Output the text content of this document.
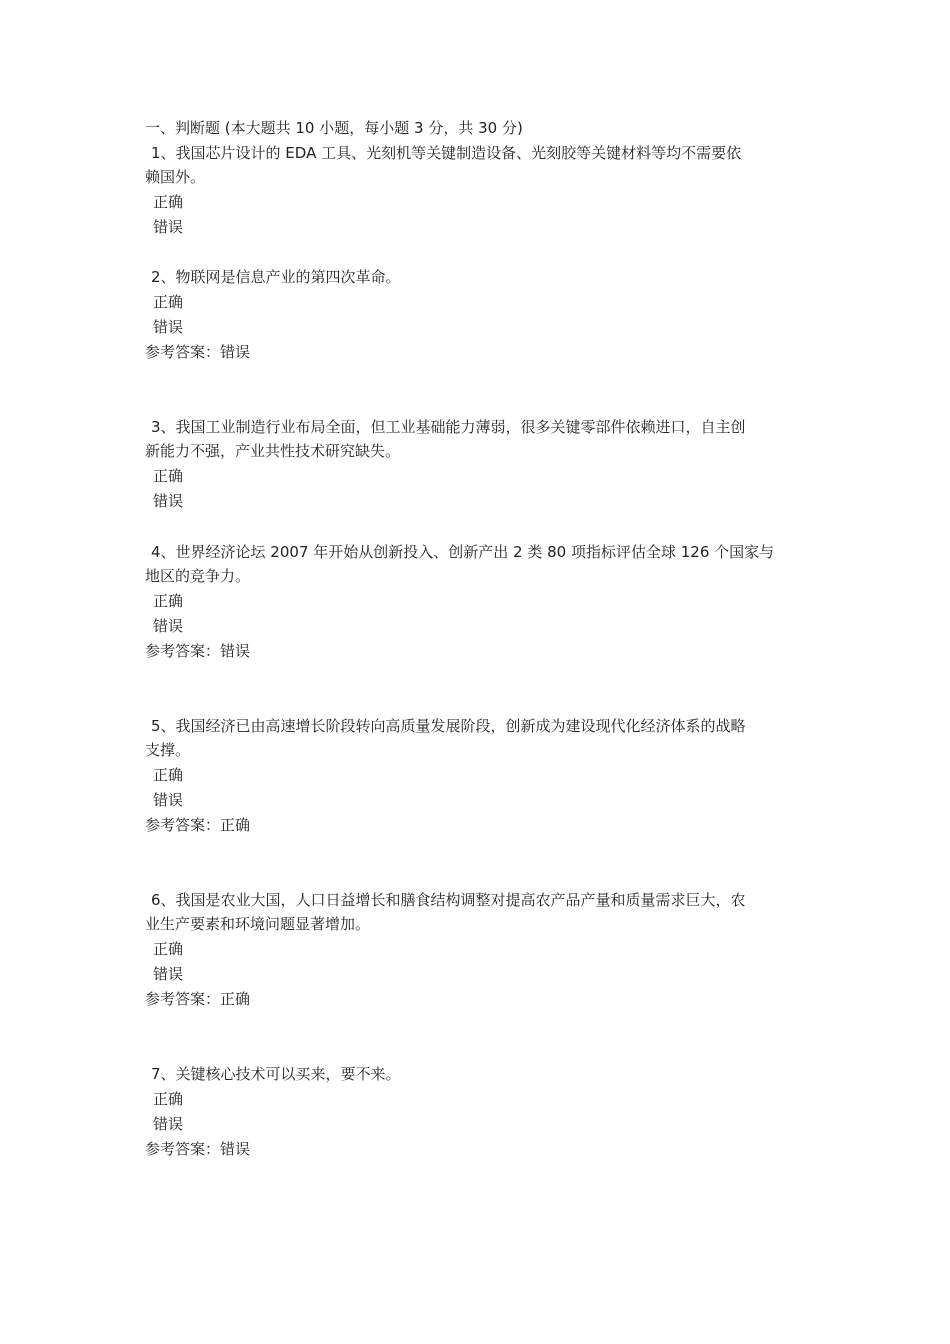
一、判断题 (本大题共 10 小题，每小题 3 分，共 30 分)
1、我国芯片设计的 EDA 工具、光刻机等关键制造设备、光刻胶等关键材料等均不需要依
赖国外。
正确
错误
2、物联网是信息产业的第四次革命。
正确
错误
参考答案：错误
3、我国工业制造行业布局全面，但工业基础能力薄弱，很多关键零部件依赖进口，自主创
新能力不强，产业共性技术研究缺失。
正确
错误
4、世界经济论坛 2007 年开始从创新投入、创新产出 2 类 80 项指标评估全球 126 个国家与
地区的竞争力。
正确
错误
参考答案：错误
5、我国经济已由高速增长阶段转向高质量发展阶段，创新成为建设现代化经济体系的战略
支撑。
正确
错误
参考答案：正确
6、我国是农业大国，人口日益增长和膳食结构调整对提高农产品产量和质量需求巨大，农
业生产要素和环境问题显著增加。
正确
错误
参考答案：正确
7、关键核心技术可以买来，要不来。
正确
错误
参考答案：错误
